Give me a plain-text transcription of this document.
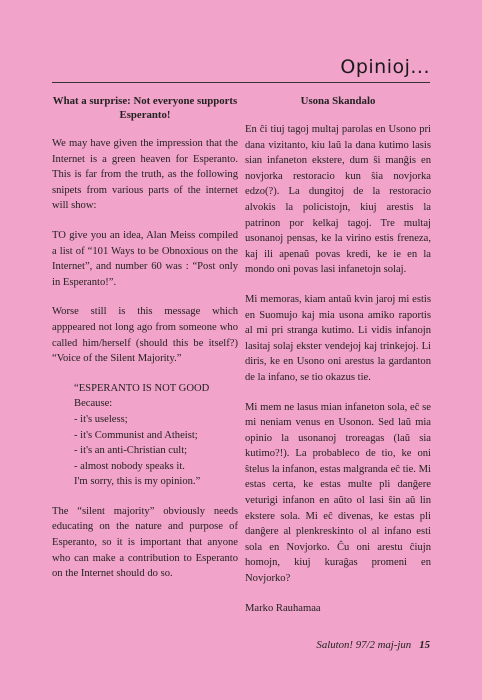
Opinioj...
What a surprise: Not everyone supports Esperanto!

We may have given the impression that the Internet is a green heaven for Esperanto. This is far from the truth, as the following snipets from various parts of the internet will show:

TO give you an idea, Alan Meiss compiled a list of “101 Ways to be Obnoxious on the Internet”, and number 60 was : “Post only in Esperanto!”.

Worse still is this message which apppeared not long ago from someone who called him/herself (should this be itself?) “Voice of the Silent Majority.”

“ESPERANTO IS NOT GOOD
Because:
- it's useless;
- it's Communist and Atheist;
- it's an anti-Christian cult;
- almost nobody speaks it.
I'm sorry, this is my opinion.”

The “silent majority” obviously needs educating on the nature and purpose of Esperanto, so it is important that anyone who can make a contribution to Esperanto on the Internet should do so.

Usona Skandalo

En ĉi tiuj tagoj multaj parolas en Usono pri dana vizitanto, kiu laŭ la dana kutimo lasis sian infaneton ekstere, dum ŝi manĝis en novjorka restoracio kun ŝia novjorka edzo(?). La dungitoj de la restoracio alvokis la policistojn, kiuj arestis la patrinon por kelkaj tagoj. Tre multaj usonanoj pensas, ke la virino estis freneza, kaj ili apenaŭ povas kredi, ke ie en la mondo oni povas lasi infanetojn solaj.

Mi memoras, kiam antaŭ kvin jaroj mi estis en Suomujo kaj mia usona amiko raportis al mi pri stranga kutimo. Li vidis infanojn lasitaj solaj ekster vendejoj kaj trinkejoj. Li diris, ke en Usono oni arestus la gardanton de la infano, se tio okazus tie.

Mi mem ne lasus mian infaneton sola, eĉ se mi neniam venus en Usonon. Sed laŭ mia opinio la usonanoj troreagas (laŭ sia kutimo?!). La probableco de tio, ke oni ŝtelus la infanon, estas malgranda eĉ tie. Mi estas certa, ke estas multe pli danĝere veturigi infanon en aŭto ol lasi ŝin aŭ lin ekstere sola. Mi eĉ divenas, ke estas pli danĝere al plenkreskinto ol al infano esti sola en Novjorko. Ĉu oni arestu ĉiujn homojn, kiuj kuraĝas promeni en Novjorko?

Marko Rauhamaa

Saluton! 97/2 maj-jun 15
